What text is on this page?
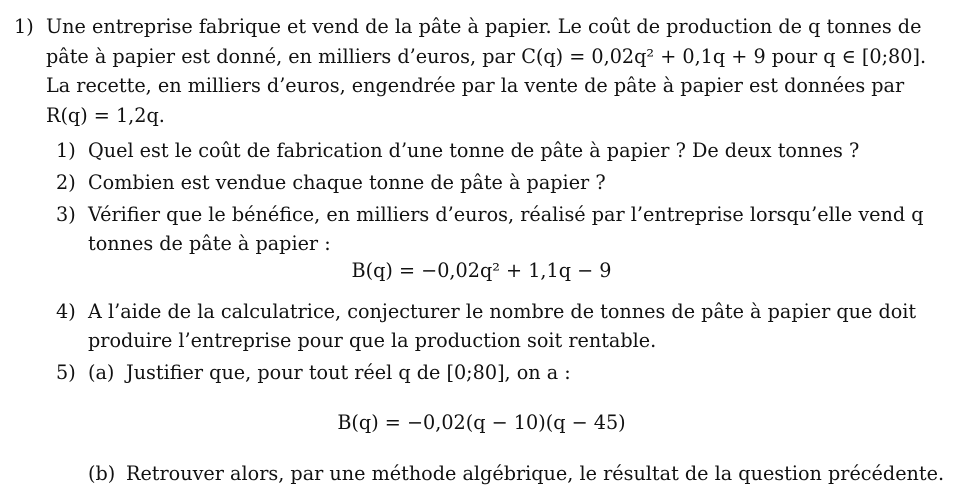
1) Une entreprise fabrique et vend de la pâte à papier. Le coût de production de q tonnes de
pâte à papier est donné, en milliers d’euros, par C(q) = 0,02q² + 0,1q + 9 pour q ∈ [0;80].
La recette, en milliers d’euros, engendrée par la vente de pâte à papier est données par
R(q) = 1,2q.
1) Quel est le coût de fabrication d’une tonne de pâte à papier ? De deux tonnes ?
2) Combien est vendue chaque tonne de pâte à papier ?
3) Vérifier que le bénéfice, en milliers d’euros, réalisé par l’entreprise lorsqu’elle vend q
tonnes de pâte à papier :
B(q) = −0,02q² + 1,1q − 9
4) A l’aide de la calculatrice, conjecturer le nombre de tonnes de pâte à papier que doit
produire l’entreprise pour que la production soit rentable.
5) (a) Justifier que, pour tout réel q de [0;80], on a :
B(q) = −0,02(q − 10)(q − 45)
(b) Retrouver alors, par une méthode algébrique, le résultat de la question précédente.
